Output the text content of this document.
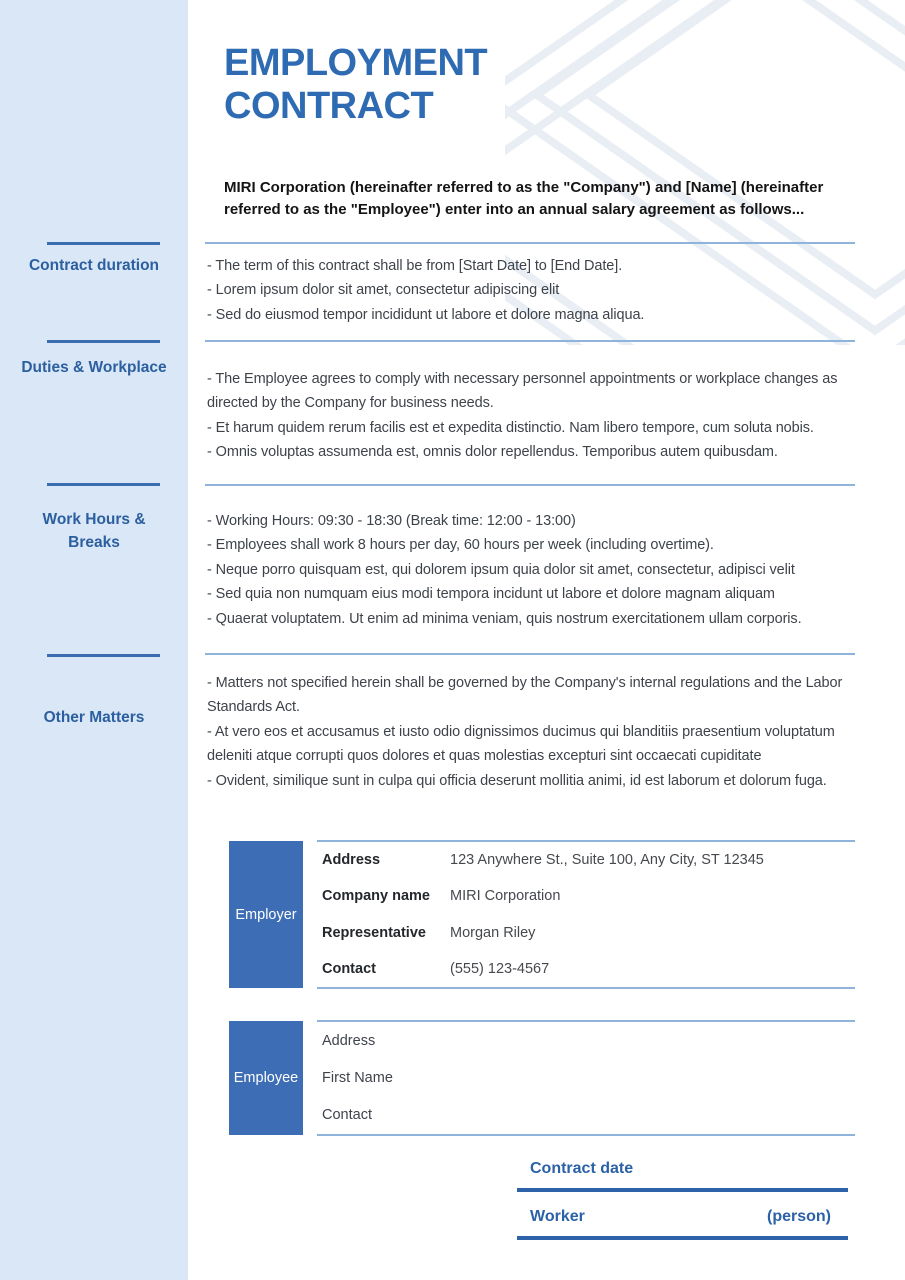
Contract duration
Duties & Workplace
Work Hours & Breaks
Other Matters
EMPLOYMENT
CONTRACT
MIRI Corporation (hereinafter referred to as the "Company") and [Name] (hereinafter
referred to as the "Employee") enter into an annual salary agreement as follows...
- The term of this contract shall be from [Start Date] to [End Date].
- Lorem ipsum dolor sit amet, consectetur adipiscing elit
- Sed do eiusmod tempor incididunt ut labore et dolore magna aliqua.
- The Employee agrees to comply with necessary personnel appointments or workplace changes as directed by the Company for business needs.
- Et harum quidem rerum facilis est et expedita distinctio. Nam libero tempore, cum soluta nobis.
- Omnis voluptas assumenda est, omnis dolor repellendus. Temporibus autem quibusdam.
- Working Hours: 09:30 - 18:30 (Break time: 12:00 - 13:00)
- Employees shall work 8 hours per day, 60 hours per week (including overtime).
- Neque porro quisquam est, qui dolorem ipsum quia dolor sit amet, consectetur, adipisci velit
- Sed quia non numquam eius modi tempora incidunt ut labore et dolore magnam aliquam
- Quaerat voluptatem. Ut enim ad minima veniam, quis nostrum exercitationem ullam corporis.
- Matters not specified herein shall be governed by the Company's internal regulations and the Labor Standards Act.
- At vero eos et accusamus et iusto odio dignissimos ducimus qui blanditiis praesentium voluptatum deleniti atque corrupti quos dolores et quas molestias excepturi sint occaecati cupiditate
- Ovident, similique sunt in culpa qui officia deserunt mollitia animi, id est laborum et dolorum fuga.
Employer
Address	123 Anywhere St., Suite 100, Any City, ST 12345
Company name	MIRI Corporation
Representative	Morgan Riley
Contact	(555) 123-4567
Employee
Address
First Name
Contact
Contract date
Worker	(person)
